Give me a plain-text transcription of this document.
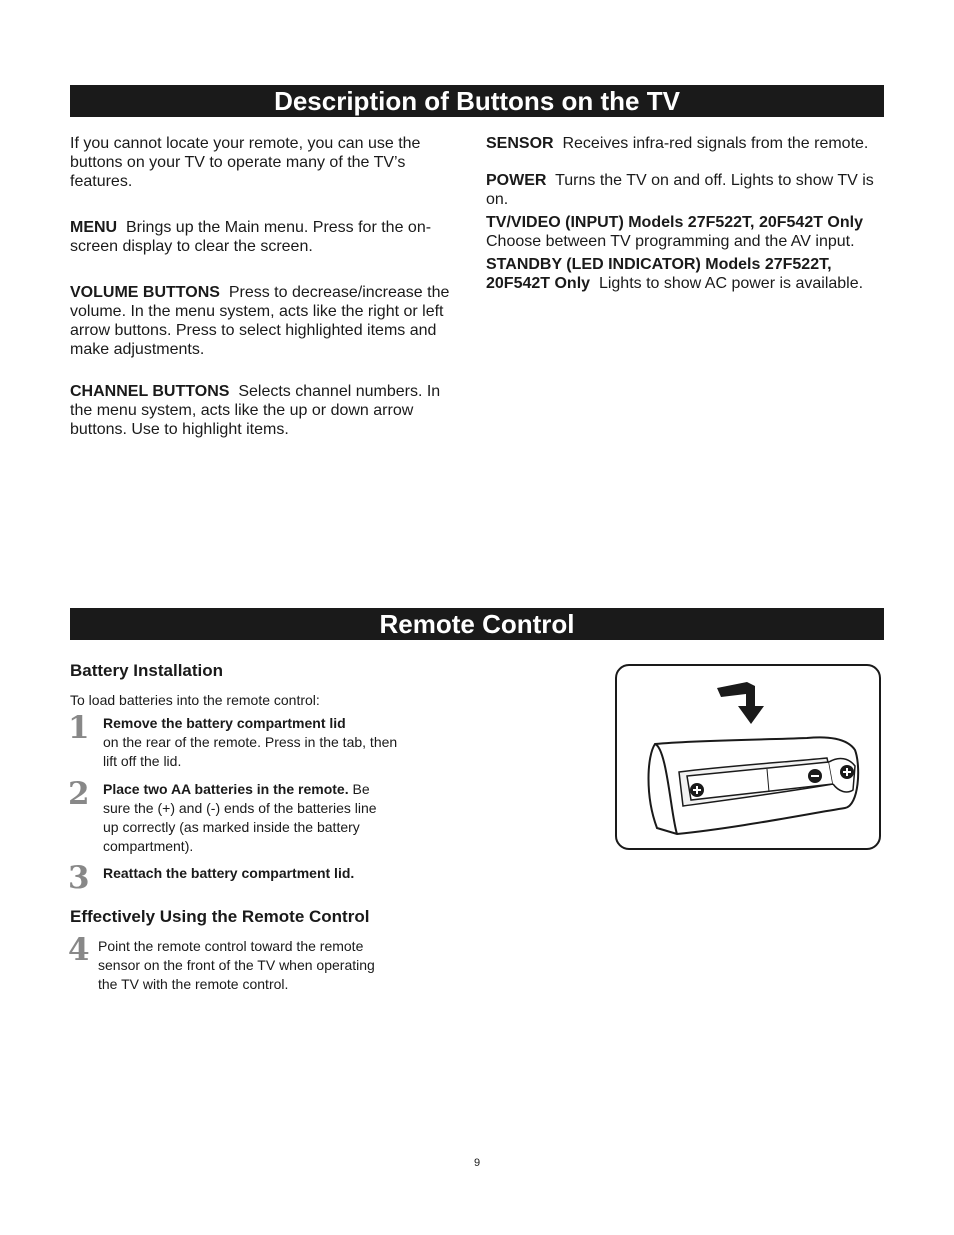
Description of Buttons on the TV

If you cannot locate your remote, you can use the buttons on your TV to operate many of the TV’s features.

MENU Brings up the Main menu. Press for the on-screen display to clear the screen.

VOLUME BUTTONS Press to decrease/increase the volume. In the menu system, acts like the right or left arrow buttons. Press to select highlighted items and make adjustments.

CHANNEL BUTTONS Selects channel numbers. In the menu system, acts like the up or down arrow buttons. Use to highlight items.

SENSOR Receives infra-red signals from the remote.

POWER Turns the TV on and off. Lights to show TV is on.

TV/VIDEO (INPUT) Models 27F522T, 20F542T Only  Choose between TV programming and the AV input.

STANDBY (LED INDICATOR) Models 27F522T, 20F542T Only Lights to show AC power is available.

Remote Control
Battery Installation
To load batteries into the remote control:
1 Remove the battery compartment lid
on the rear of the remote. Press in the tab, then lift off the lid.
2 Place two AA batteries in the remote. Be sure the (+) and (-) ends of the batteries line up correctly (as marked inside the battery compartment).
3 Reattach the battery compartment lid.
Effectively Using the Remote Control
4 Point the remote control toward the remote sensor on the front of the TV when operating the TV with the remote control.
9
